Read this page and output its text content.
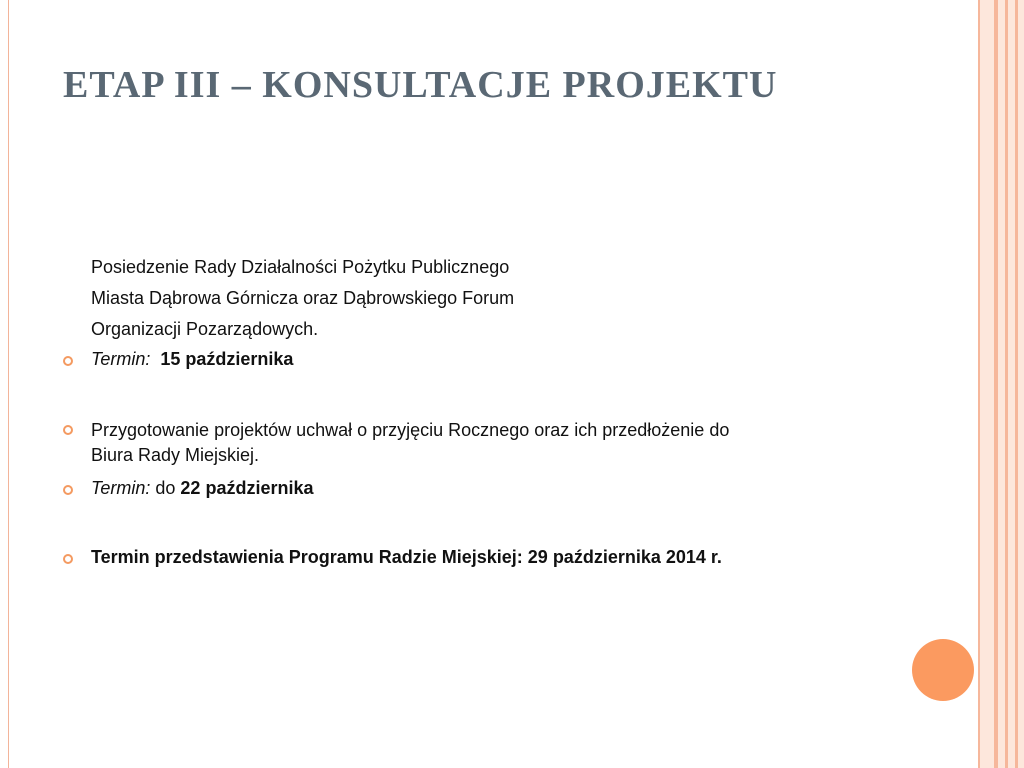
ETAP III – KONSULTACJE PROJEKTU
Posiedzenie Rady Działalności Pożytku Publicznego
Miasta Dąbrowa Górnicza oraz Dąbrowskiego Forum
Organizacji Pozarządowych.
Termin: 15 października
Przygotowanie projektów uchwał o przyjęciu Rocznego oraz ich przedłożenie do
Biura Rady Miejskiej.
Termin: do 22 października
Termin przedstawienia Programu Radzie Miejskiej: 29 października 2014 r.
